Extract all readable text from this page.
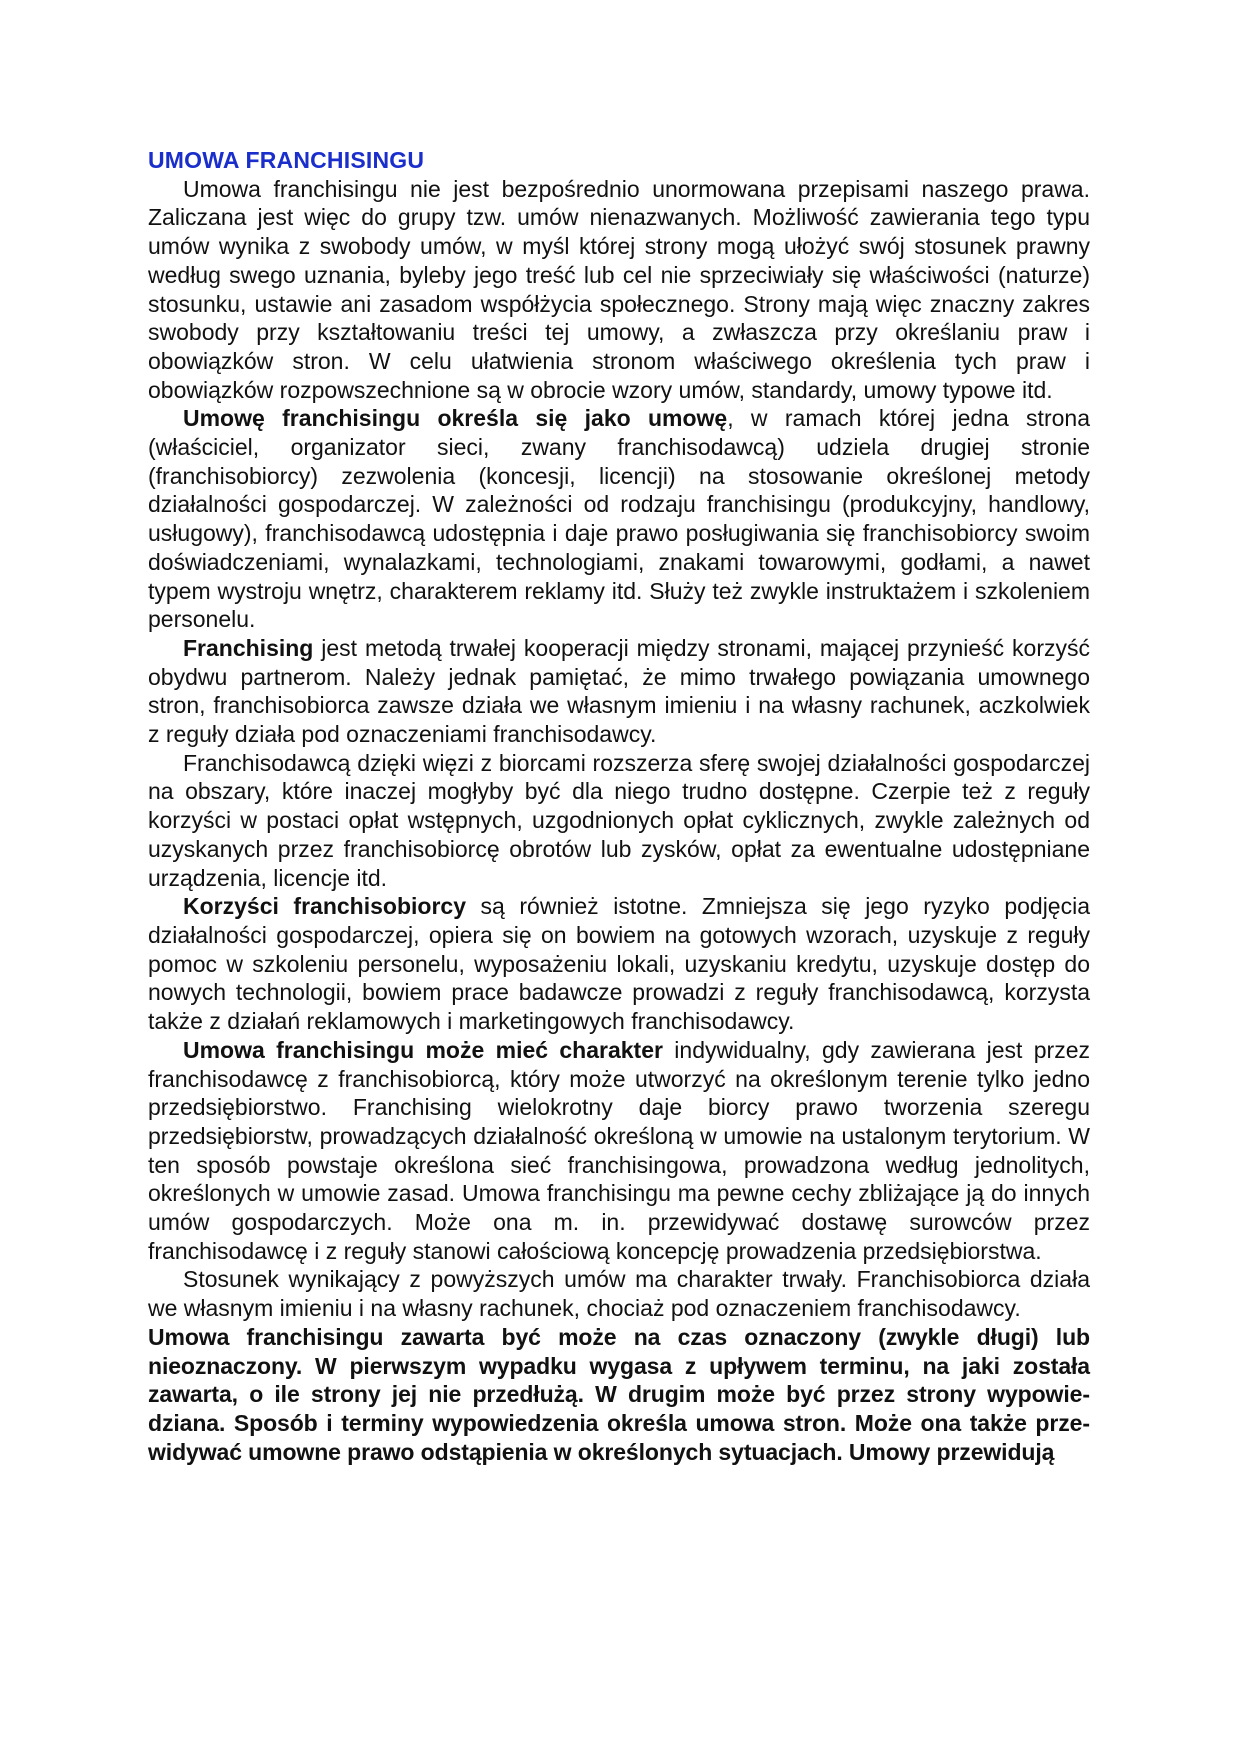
UMOWA FRANCHISINGU

Umowa franchisingu nie jest bezpośrednio unormowana przepisami naszego prawa. Zaliczana jest więc do grupy tzw. umów nienazwanych. Możliwość zawierania tego typu umów wynika z swobody umów, w myśl której strony mogą ułożyć swój stosunek prawny według swego uznania, byleby jego treść lub cel nie sprzeciwiały się właściwości (naturze) stosunku, ustawie ani zasadom współżycia społecznego. Strony mają więc znaczny zakres swobody przy kształtowaniu treści tej umowy, a zwłaszcza przy określaniu praw i obowiązków stron. W celu ułatwienia stronom właściwego określenia tych praw i obowiązków rozpowszechnione są w obrocie wzory umów, standardy, umowy typowe itd.

Umowę franchisingu określa się jako umowę, w ramach której jedna strona (właściciel, organizator sieci, zwany franchisodawcą) udziela drugiej stronie (franchisobiorcy) zezwolenia (koncesji, licencji) na stosowanie określonej metody działalności gospodarczej. W zależności od rodzaju franchisingu (produkcyjny, handlowy, usługowy), franchisodawcą udostępnia i daje prawo posługiwania się franchisobiorcy swoim doświadczeniami, wynalazkami, technologiami, znakami towarowymi, godłami, a nawet typem wystroju wnętrz, charakterem reklamy itd. Służy też zwykle instruktażem i szkoleniem personelu.

Franchising jest metodą trwałej kooperacji między stronami, mającej przynieść korzyść obydwu partnerom. Należy jednak pamiętać, że mimo trwałego powiązania umownego stron, franchisobiorca zawsze działa we własnym imieniu i na własny rachunek, aczkolwiek z reguły działa pod oznaczeniami franchisodawcy.

Franchisodawcą dzięki więzi z biorcami rozszerza sferę swojej działalności gospodarczej na obszary, które inaczej mogłyby być dla niego trudno dostępne. Czerpie też z reguły korzyści w postaci opłat wstępnych, uzgodnionych opłat cyklicznych, zwykle zależnych od uzyskanych przez franchisobiorcę obrotów lub zysków, opłat za ewentualne udostępniane urządzenia, licencje itd.

Korzyści franchisobiorcy są również istotne. Zmniejsza się jego ryzyko podjęcia działalności gospodarczej, opiera się on bowiem na gotowych wzorach, uzyskuje z reguły pomoc w szkoleniu personelu, wyposażeniu lokali, uzyskaniu kredytu, uzyskuje dostęp do nowych technologii, bowiem prace badawcze prowadzi z reguły franchisodawcą, korzysta także z działań reklamowych i marketingowych franchisodawcy.

Umowa franchisingu może mieć charakter indywidualny, gdy zawierana jest przez franchisodawcę z franchisobiorcą, który może utworzyć na określonym terenie tylko jedno przedsiębiorstwo. Franchising wielokrotny daje biorcy prawo tworzenia szeregu przedsiębiorstw, prowadzących działalność określoną w umowie na ustalonym terytorium. W ten sposób powstaje określona sieć franchisingowa, prowadzona według jednolitych, określonych w umowie zasad. Umowa franchisingu ma pewne cechy zbliżające ją do innych umów gospodarczych. Może ona m. in. przewidywać dostawę surowców przez franchisodawcę i z reguły stanowi całościową koncepcję prowadzenia przedsiębiorstwa.

Stosunek wynikający z powyższych umów ma charakter trwały. Franchisobiorca działa we własnym imieniu i na własny rachunek, chociaż pod oznaczeniem franchisodawcy.

Umowa franchisingu zawarta być może na czas oznaczony (zwykle długi) lub nieoznaczony. W pierwszym wypadku wygasa z upływem terminu, na jaki została zawarta, o ile strony jej nie przedłużą. W drugim może być przez strony wypowiedziana. Sposób i terminy wypowiedzenia określa umowa stron. Może ona także przewidywać umowne prawo odstąpienia w określonych sytuacjach. Umowy przewidują
